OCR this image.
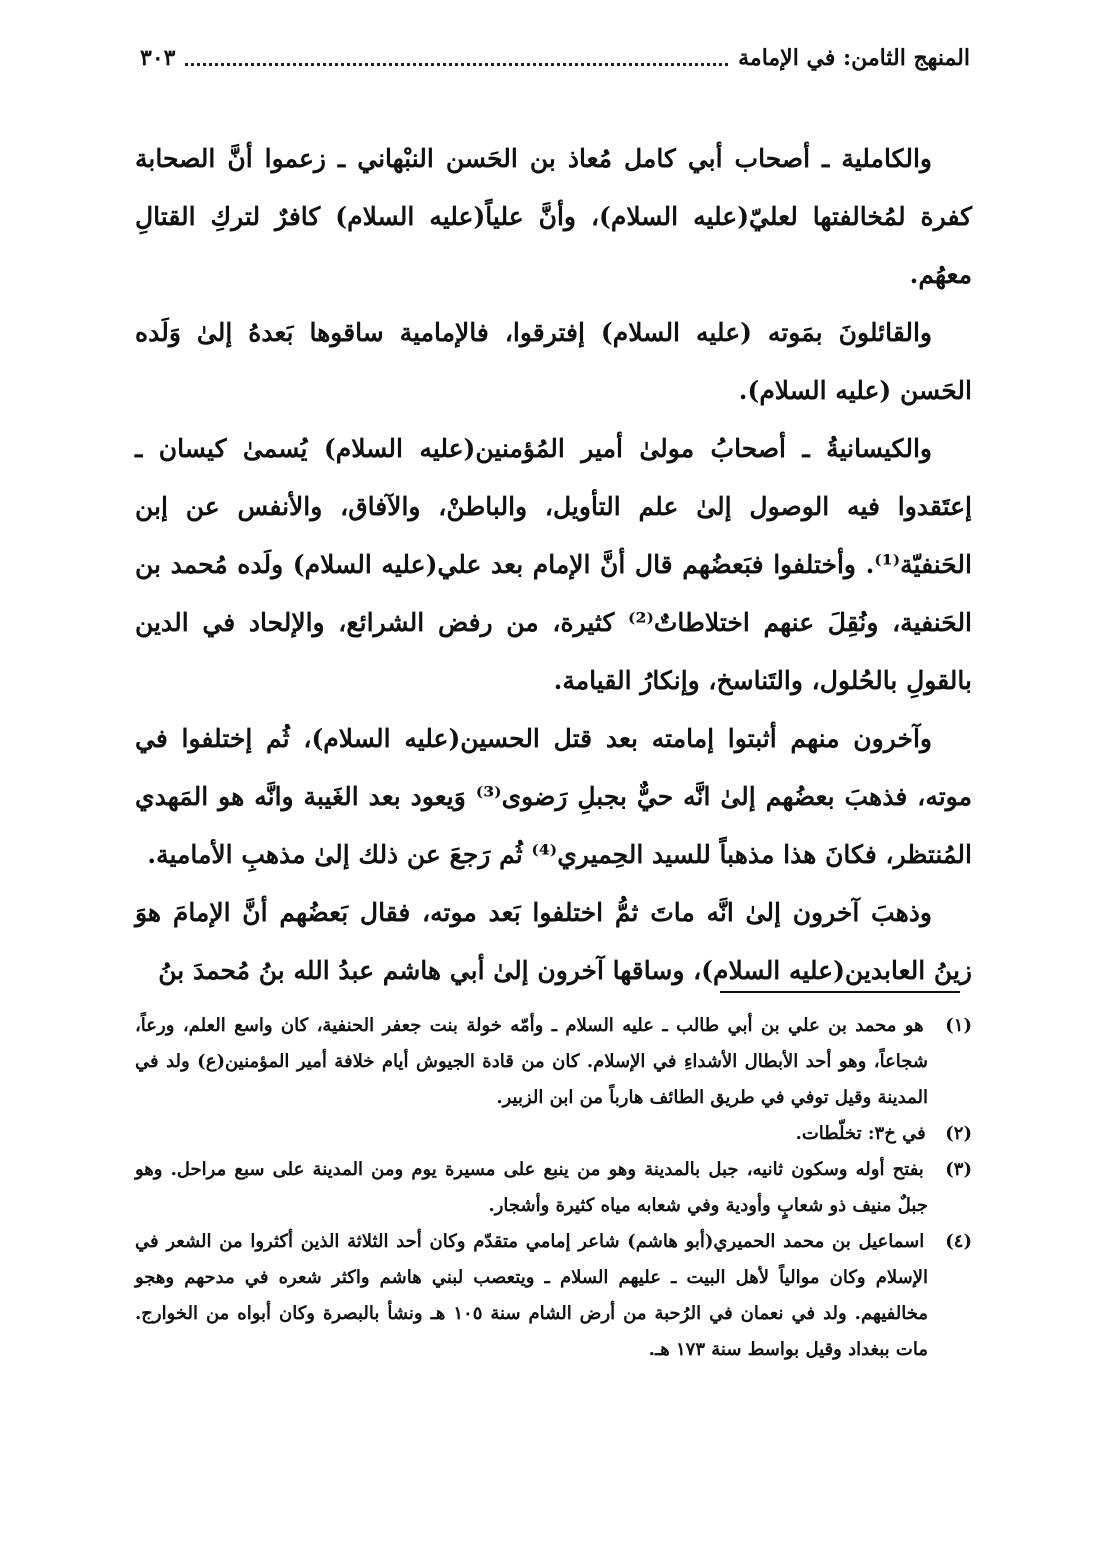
المنهج الثامن: في الإمامة
٣٠٣

والكاملية ـ أصحاب أبي كامل مُعاذ بن الحَسن النبْهاني ـ زعموا أنَّ الصحابة كفرة لمُخالفتها لعليّ(عليه السلام)، وأنَّ علياً(عليه السلام) كافرٌ لتركِ القتالِ معهُم.

والقائلونَ بمَوته (عليه السلام) إفترقوا، فالإمامية ساقوها بَعدهُ إلىٰ وَلَده الحَسن (عليه السلام).

والكيسانيةُ ـ أصحابُ مولىٰ أمير المُؤمنين(عليه السلام) يُسمىٰ كيسان ـ إعتَقدوا فيه الوصول إلىٰ علم التأويل، والباطنْ، والآفاق، والأنفس عن إبن الحَنفيّة⁽¹⁾. وأختلفوا فبَعضُهم قال أنَّ الإمام بعد علي(عليه السلام) ولَده مُحمد بن الحَنفية، ونُقِلَ عنهم اختلاطاتٌ⁽²⁾ كثيرة، من رفض الشرائع، والإلحاد في الدين بالقولِ بالحُلول، والتَناسخ، وإنكارُ القيامة.

وآخرون منهم أثبتوا إمامته بعد قتل الحسين(عليه السلام)، ثُم إختلفوا في موته، فذهبَ بعضُهم إلىٰ انَّه حيٌّ بجبلِ رَضوى⁽³⁾ وَيعود بعد الغَيبة وانَّه هو المَهدي المُنتظر، فكانَ هذا مذهباً للسيد الحِميري⁽⁴⁾ ثُم رَجعَ عن ذلك إلىٰ مذهبِ الأمامية.

وذهبَ آخرون إلىٰ انَّه ماتَ ثمُّ اختلفوا بَعد موته، فقال بَعضُهم أنَّ الإمامَ هوَ زينُ العابدين(عليه السلام)، وساقها آخرون إلىٰ أبي هاشم عبدُ الله بنُ مُحمدَ بنُ

(١) هو محمد بن علي بن أبي طالب ـ عليه السلام ـ وأمّه خولة بنت جعفر الحنفية، كان واسع العلم، ورعاً، شجاعاً، وهو أحد الأبطال الأشداءِ في الإسلام. كان من قادة الجيوش أيام خلافة أمير المؤمنين(ع) ولد في المدينة وقيل توفي في طريق الطائف هارباً من ابن الزبير.

(٢) في خ٣: تخلّطات.

(٣) بفتح أوله وسكون ثانيه، جبل بالمدينة وهو من ينبع على مسيرة يوم ومن المدينة على سبع مراحل. وهو جبلٌ منيف ذو شعابٍ وأودية وفي شعابه مياه كثيرة وأشجار.

(٤) اسماعيل بن محمد الحميري(أبو هاشم) شاعر إمامي متقدّم وكان أحد الثلاثة الذين أكثروا من الشعر في الإسلام وكان موالياً لأهل البيت ـ عليهم السلام ـ ويتعصب لبني هاشم واكثر شعره في مدحهم وهجو مخالفيهم. ولد في نعمان في الرُحبة من أرض الشام سنة ١٠٥ هـ ونشأ بالبصرة وكان أبواه من الخوارج. مات ببغداد وقيل بواسط سنة ١٧٣ هـ.
